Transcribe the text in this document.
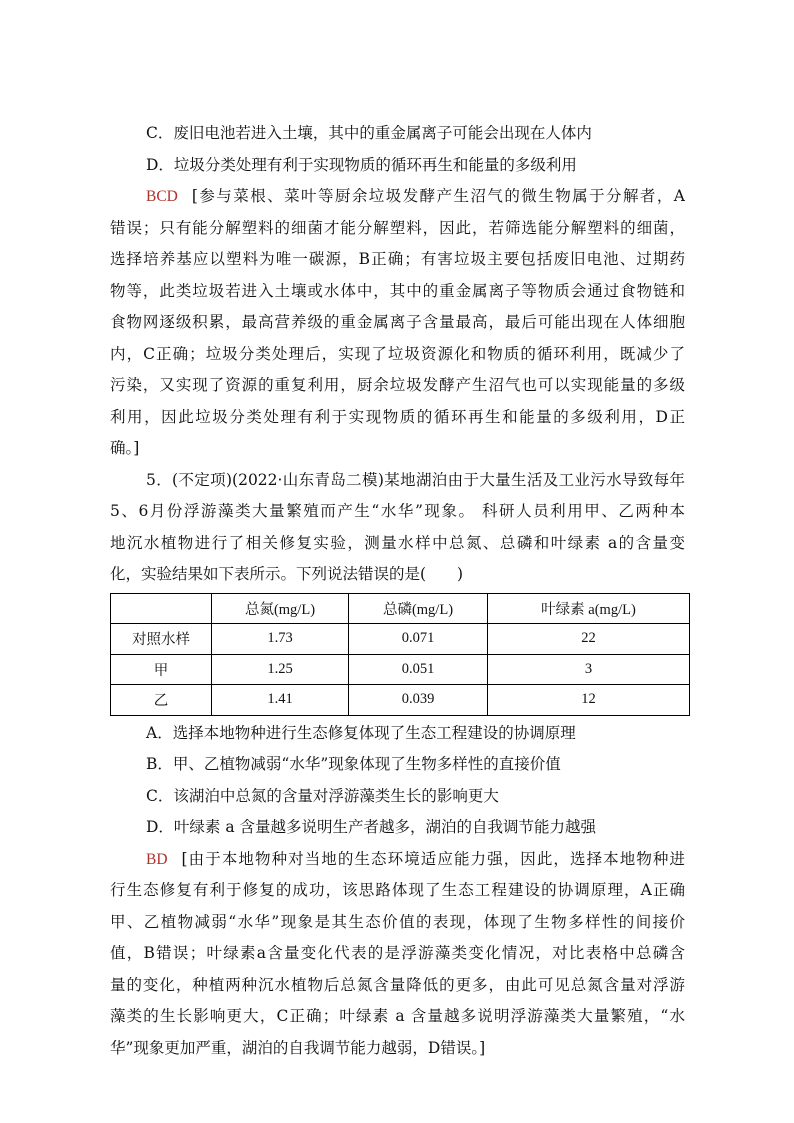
C．废旧电池若进入土壤，其中的重金属离子可能会出现在人体内
D．垃圾分类处理有利于实现物质的循环再生和能量的多级利用
BCD [参与菜根、菜叶等厨余垃圾发酵产生沼气的微生物属于分解者，A
错误；只有能分解塑料的细菌才能分解塑料，因此，若筛选能分解塑料的细菌，
选择培养基应以塑料为唯一碳源，B正确；有害垃圾主要包括废旧电池、过期药
物等，此类垃圾若进入土壤或水体中，其中的重金属离子等物质会通过食物链和
食物网逐级积累，最高营养级的重金属离子含量最高，最后可能出现在人体细胞
内，C正确；垃圾分类处理后，实现了垃圾资源化和物质的循环利用，既减少了
污染，又实现了资源的重复利用，厨余垃圾发酵产生沼气也可以实现能量的多级
利用，因此垃圾分类处理有利于实现物质的循环再生和能量的多级利用，D正
确。]
5．(不定项)(2022·山东青岛二模)某地湖泊由于大量生活及工业污水导致每年
5、6月份浮游藻类大量繁殖而产生“水华”现象。 科研人员利用甲、乙两种本
地沉水植物进行了相关修复实验，测量水样中总氮、总磷和叶绿素 a的含量变
化，实验结果如下表所示。下列说法错误的是(　　)
	总氮(mg/L)	总磷(mg/L)	叶绿素 a(mg/L)
对照水样	1.73	0.071	22
甲	1.25	0.051	3
乙	1.41	0.039	12
A．选择本地物种进行生态修复体现了生态工程建设的协调原理
B．甲、乙植物减弱“水华”现象体现了生物多样性的直接价值
C．该湖泊中总氮的含量对浮游藻类生长的影响更大
D．叶绿素 a 含量越多说明生产者越多，湖泊的自我调节能力越强
BD [由于本地物种对当地的生态环境适应能力强，因此，选择本地物种进
行生态修复有利于修复的成功，该思路体现了生态工程建设的协调原理，A正确
甲、乙植物减弱“水华”现象是其生态价值的表现，体现了生物多样性的间接价
值，B错误；叶绿素a含量变化代表的是浮游藻类变化情况，对比表格中总磷含
量的变化，种植两种沉水植物后总氮含量降低的更多，由此可见总氮含量对浮游
藻类的生长影响更大，C正确；叶绿素 a 含量越多说明浮游藻类大量繁殖，“水
华”现象更加严重，湖泊的自我调节能力越弱，D错误。]
